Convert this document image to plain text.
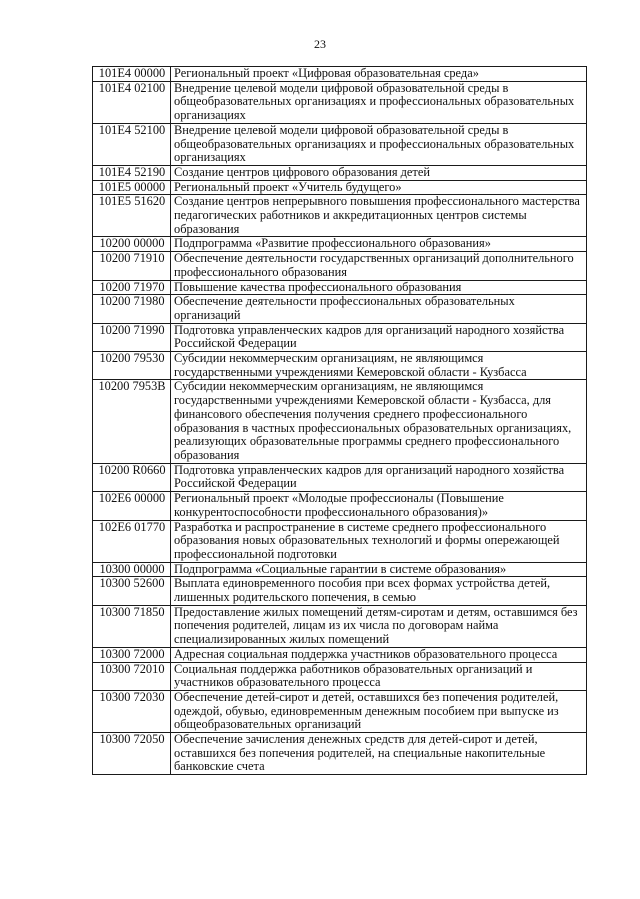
23
101E4 00000	Региональный проект «Цифровая образовательная среда»
101E4 02100	Внедрение целевой модели цифровой образовательной среды в общеобразовательных организациях и профессиональных образовательных организациях
101E4 52100	Внедрение целевой модели цифровой образовательной среды в общеобразовательных организациях и профессиональных образовательных организациях
101E4 52190	Создание центров цифрового образования детей
101E5 00000	Региональный проект «Учитель будущего»
101E5 51620	Создание центров непрерывного повышения профессионального мастерства педагогических работников и аккредитационных центров системы образования
10200 00000	Подпрограмма «Развитие профессионального образования»
10200 71910	Обеспечение деятельности государственных организаций дополнительного профессионального образования
10200 71970	Повышение качества профессионального образования
10200 71980	Обеспечение деятельности профессиональных образовательных организаций
10200 71990	Подготовка управленческих кадров для организаций народного хозяйства Российской Федерации
10200 79530	Субсидии некоммерческим организациям, не являющимся государственными учреждениями Кемеровской области - Кузбасса
10200 7953В	Субсидии некоммерческим организациям, не являющимся государственными учреждениями Кемеровской области - Кузбасса, для финансового обеспечения получения среднего профессионального образования в частных профессиональных образовательных организациях, реализующих образовательные программы среднего профессионального образования
10200 R0660	Подготовка управленческих кадров для организаций народного хозяйства Российской Федерации
102E6 00000	Региональный проект «Молодые профессионалы (Повышение конкурентоспособности профессионального образования)»
102E6 01770	Разработка и распространение в системе среднего профессионального образования новых образовательных технологий и формы опережающей профессиональной подготовки
10300 00000	Подпрограмма «Социальные гарантии в системе образования»
10300 52600	Выплата единовременного пособия при всех формах устройства детей, лишенных родительского попечения, в семью
10300 71850	Предоставление жилых помещений детям-сиротам и детям, оставшимся без попечения родителей, лицам из их числа по договорам найма специализированных жилых помещений
10300 72000	Адресная социальная поддержка участников образовательного процесса
10300 72010	Социальная поддержка работников образовательных организаций и участников образовательного процесса
10300 72030	Обеспечение детей-сирот и детей, оставшихся без попечения родителей, одеждой, обувью, единовременным денежным пособием при выпуске из общеобразовательных организаций
10300 72050	Обеспечение зачисления денежных средств для детей-сирот и детей, оставшихся без попечения родителей, на специальные накопительные банковские счета
